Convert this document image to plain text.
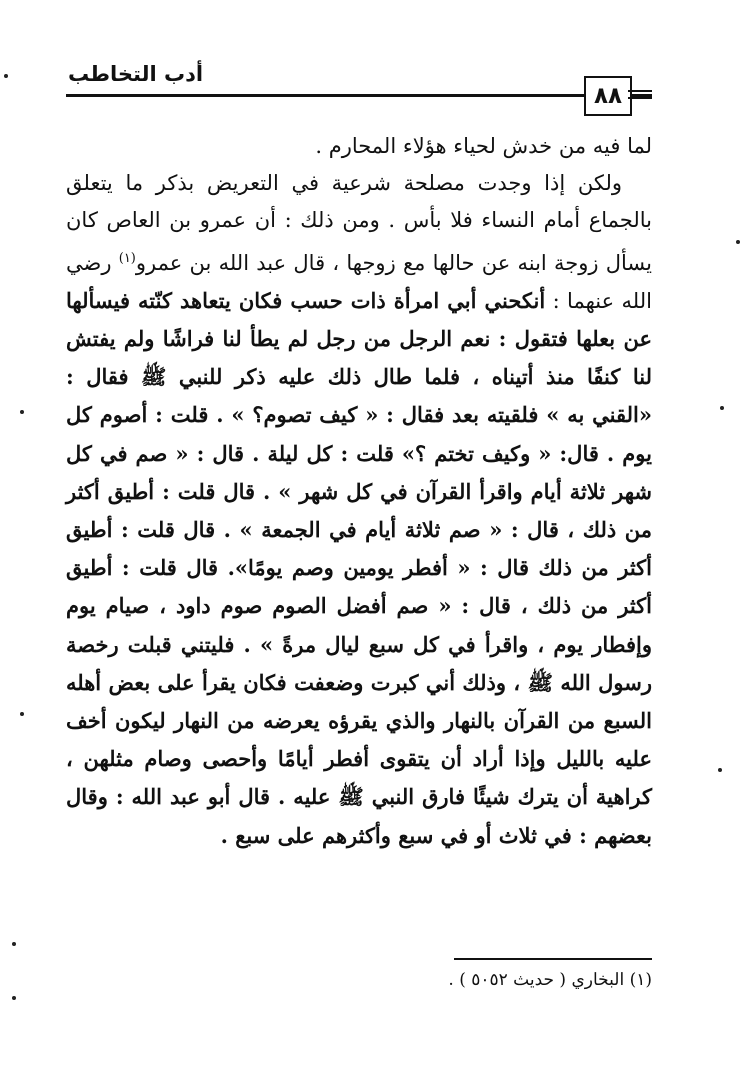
أدب التخاطب
٨٨

لما فيه من خدش لحياء هؤلاء المحارم .

ولكن إذا وجدت مصلحة شرعية في التعريض بذكر ما يتعلق بالجماع أمام النساء فلا بأس . ومن ذلك : أن عمرو بن العاص كان يسأل زوجة ابنه عن حالها مع زوجها ، قال عبد الله بن عمرو$^{(١)}$ رضي الله عنهما : أنكحني أبي امرأة ذات حسب فكان يتعاهد كنّته فيسألها عن بعلها فتقول : نعم الرجل من رجل لم يطأ لنا فراشًا ولم يفتش لنا كنفًا منذ أتيناه ، فلما طال ذلك عليه ذكر للنبي ﷺ فقال : «القني به » فلقيته بعد فقال : « كيف تصوم؟ » . قلت : أصوم كل يوم . قال: « وكيف تختم ؟» قلت : كل ليلة . قال : « صم في كل شهر ثلاثة أيام واقرأ القرآن في كل شهر » . قال قلت : أطيق أكثر من ذلك ، قال : « صم ثلاثة أيام في الجمعة » . قال قلت : أطيق أكثر من ذلك قال : « أفطر يومين وصم يومًا». قال قلت : أطيق أكثر من ذلك ، قال : « صم أفضل الصوم صوم داود ، صيام يوم وإفطار يوم ، واقرأ في كل سبع ليال مرةً » . فليتني قبلت رخصة رسول الله ﷺ ، وذلك أني كبرت وضعفت فكان يقرأ على بعض أهله السبع من القرآن بالنهار والذي يقرؤه يعرضه من النهار ليكون أخف عليه بالليل وإذا أراد أن يتقوى أفطر أيامًا وأحصى وصام مثلهن ، كراهية أن يترك شيئًا فارق النبي ﷺ عليه . قال أبو عبد الله : وقال بعضهم : في ثلاث أو في سبع وأكثرهم على سبع .

(١) البخاري ( حديث ٥٠٥٢ ) .
